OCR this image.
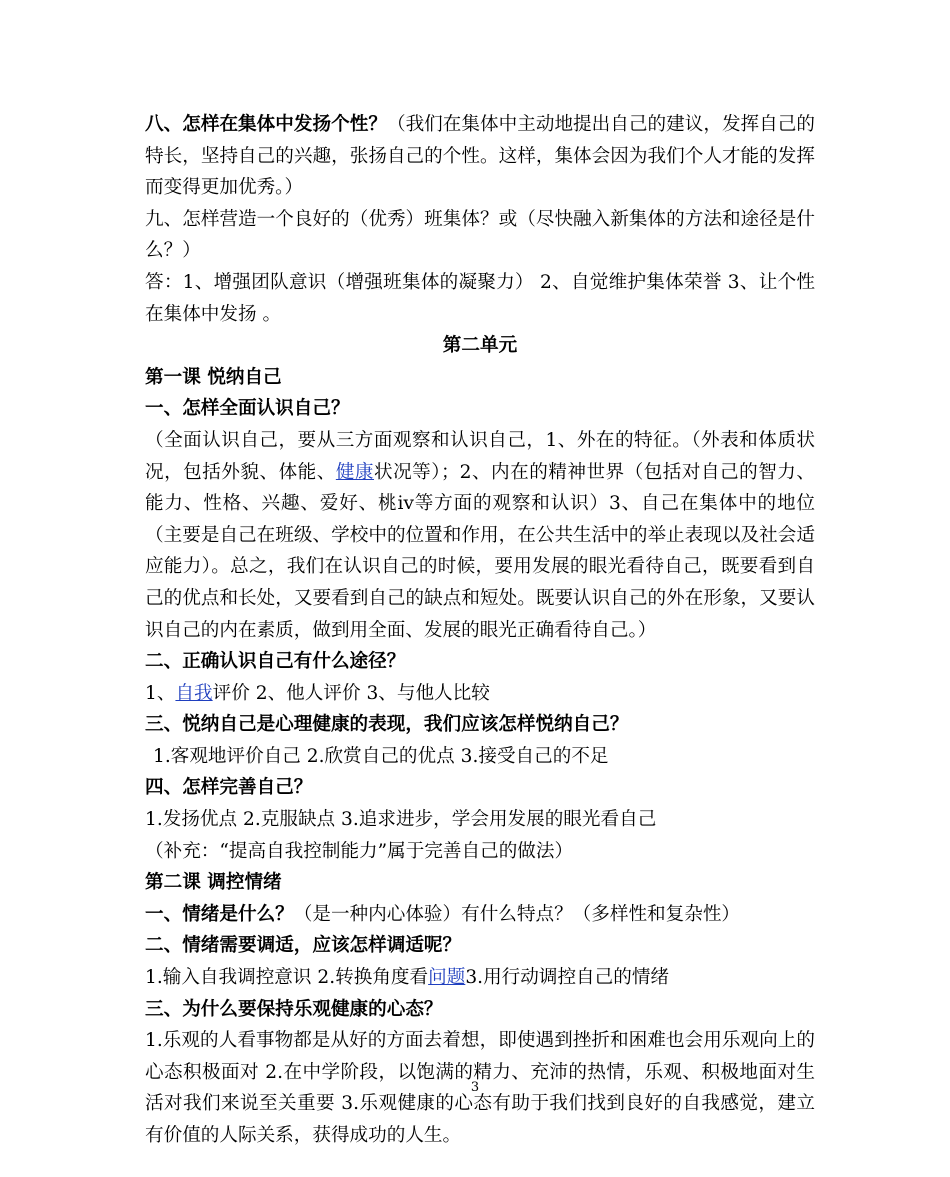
八、怎样在集体中发扬个性？（我们在集体中主动地提出自己的建议，发挥自己的特长，坚持自己的兴趣，张扬自己的个性。这样，集体会因为我们个人才能的发挥而变得更加优秀。）

九、怎样营造一个良好的（优秀）班集体？或（尽快融入新集体的方法和途径是什么？）

答：1、增强团队意识（增强班集体的凝聚力） 2、自觉维护集体荣誉 3、让个性在集体中发扬 。

第二单元

第一课 悦纳自己

一、怎样全面认识自己？

（全面认识自己，要从三方面观察和认识自己，1、外在的特征。（外表和体质状况，包括外貌、体能、健康状况等）；2、内在的精神世界（包括对自己的智力、能力、性格、兴趣、爱好、桃ⅳ等方面的观察和认识）3、自己在集体中的地位（主要是自己在班级、学校中的位置和作用，在公共生活中的举止表现以及社会适应能力）。总之，我们在认识自己的时候，要用发展的眼光看待自己，既要看到自己的优点和长处，又要看到自己的缺点和短处。既要认识自己的外在形象，又要认识自己的内在素质，做到用全面、发展的眼光正确看待自己。）

二、正确认识自己有什么途径？

1、自我评价 2、他人评价 3、与他人比较

三、悦纳自己是心理健康的表现，我们应该怎样悦纳自己？

1.客观地评价自己 2.欣赏自己的优点 3.接受自己的不足

四、怎样完善自己？

1.发扬优点 2.克服缺点 3.追求进步，学会用发展的眼光看自己

（补充：“提高自我控制能力”属于完善自己的做法）

第二课 调控情绪

一、情绪是什么？（是一种内心体验）有什么特点？（多样性和复杂性）

二、情绪需要调适，应该怎样调适呢？

1.输入自我调控意识 2.转换角度看问题3.用行动调控自己的情绪

三、为什么要保持乐观健康的心态？

1.乐观的人看事物都是从好的方面去着想，即使遇到挫折和困难也会用乐观向上的心态积极面对 2.在中学阶段，以饱满的精力、充沛的热情，乐观、积极地面对生活对我们来说至关重要 3.乐观健康的心态有助于我们找到良好的自我感觉，建立有价值的人际关系，获得成功的人生。

3
